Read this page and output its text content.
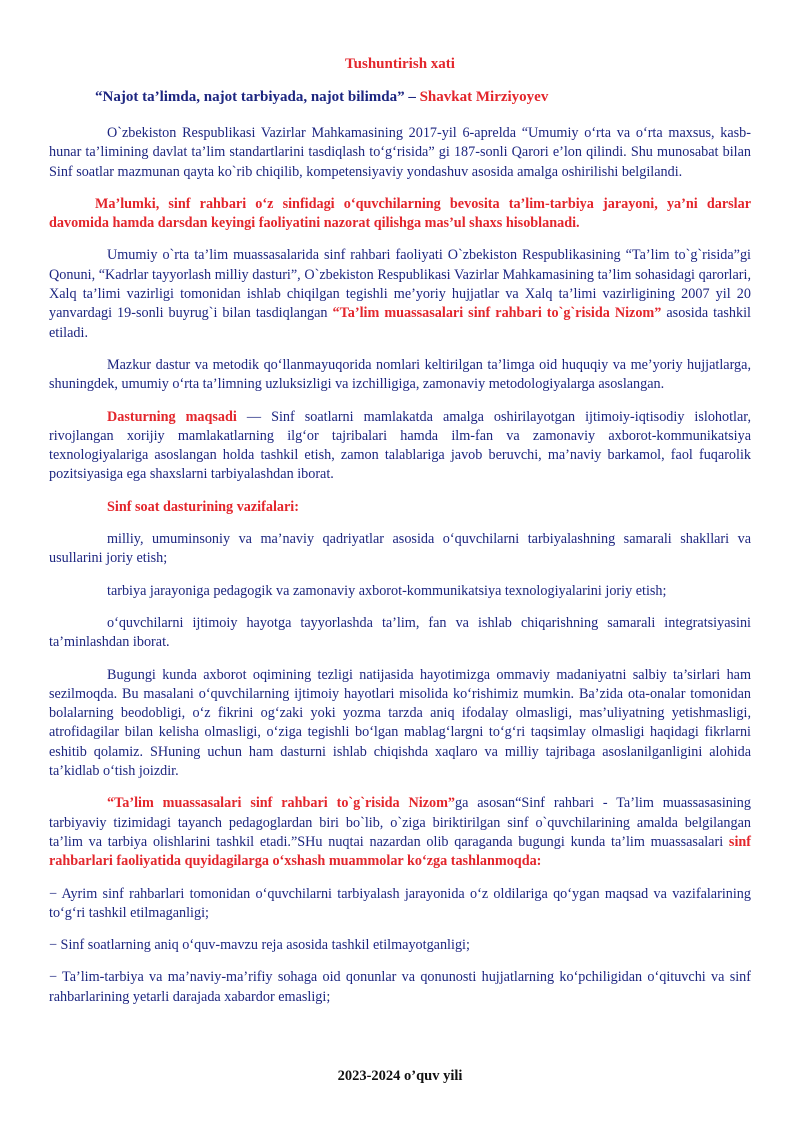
Tushuntirish xati
“Najot ta’limda, najot tarbiyada, najot bilimda” – Shavkat Mirziyoyev

O`zbekiston Respublikasi Vazirlar Mahkamasining 2017-yil 6-aprelda “Umumiy o‘rta va o‘rta maxsus, kasb-hunar ta’limining davlat ta’lim standartlarini tasdiqlash to‘g‘risida” gi 187-sonli Qarori e’lon qilindi. Shu munosabat bilan Sinf soatlar mazmunan qayta ko`rib chiqilib, kompetensiyaviy yondashuv asosida amalga oshirilishi belgilandi.

Ma’lumki, sinf rahbari o‘z sinfidagi o‘quvchilarning bevosita ta’lim-tarbiya jarayoni, ya’ni darslar davomida hamda darsdan keyingi faoliyatini nazorat qilishga mas’ul shaxs hisoblanadi.

Umumiy o`rta ta’lim muassasalarida sinf rahbari faoliyati O`zbekiston Respublikasining “Ta’lim to`g`risida”gi Qonuni, “Kadrlar tayyorlash milliy dasturi”, O`zbekiston Respublikasi Vazirlar Mahkamasining ta’lim sohasidagi qarorlari, Xalq ta’limi vazirligi tomonidan ishlab chiqilgan tegishli me’yoriy hujjatlar va Xalq ta’limi vazirligining 2007 yil 20 yanvardagi 19-sonli buyrug`i bilan tasdiqlangan “Ta’lim muassasalari sinf rahbari to`g`risida Nizom” asosida tashkil etiladi.

Mazkur dastur va metodik qo‘llanmayuqorida nomlari keltirilgan ta’limga oid huquqiy va me’yoriy hujjatlarga, shuningdek, umumiy o‘rta ta’limning uzluksizligi va izchilligiga, zamonaviy metodologiyalarga asoslangan.

Dasturning maqsadi — Sinf soatlarni mamlakatda amalga oshirilayotgan ijtimoiy-iqtisodiy islohotlar, rivojlangan xorijiy mamlakatlarning ilg‘or tajribalari hamda ilm-fan va zamonaviy axborot-kommunikatsiya texnologiyalariga asoslangan holda tashkil etish, zamon talablariga javob beruvchi, ma’naviy barkamol, faol fuqarolik pozitsiyasiga ega shaxslarni tarbiyalashdan iborat.

Sinf soat dasturining vazifalari:

milliy, umuminsoniy va ma’naviy qadriyatlar asosida o‘quvchilarni tarbiyalashning samarali shakllari va usullarini joriy etish;

tarbiya jarayoniga pedagogik va zamonaviy axborot-kommunikatsiya texnologiyalarini joriy etish;

o‘quvchilarni ijtimoiy hayotga tayyorlashda ta’lim, fan va ishlab chiqarishning samarali integratsiyasini ta’minlashdan iborat.

Bugungi kunda axborot oqimining tezligi natijasida hayotimizga ommaviy madaniyatni salbiy ta’sirlari ham sezilmoqda. Bu masalani o‘quvchilarning ijtimoiy hayotlari misolida ko‘rishimiz mumkin. Ba’zida ota-onalar tomonidan bolalarning beodobligi, o‘z fikrini og‘zaki yoki yozma tarzda aniq ifodalay olmasligi, mas’uliyatning yetishmasligi, atrofidagilar bilan kelisha olmasligi, o‘ziga tegishli bo‘lgan mablag‘largni to‘g‘ri taqsimlay olmasligi haqidagi fikrlarni eshitib qolamiz. SHuning uchun ham dasturni ishlab chiqishda xaqlaro va milliy tajribaga asoslanilganligini alohida ta’kidlab o‘tish joizdir.

“Ta’lim muassasalari sinf rahbari to`g`risida Nizom”ga asosan“Sinf rahbari - Ta’lim muassasasining tarbiyaviy tizimidagi tayanch pedagoglardan biri bo`lib, o`ziga biriktirilgan sinf o`quvchilarining amalda belgilangan ta’lim va tarbiya olishlarini tashkil etadi.”SHu nuqtai nazardan olib qaraganda bugungi kunda ta’lim muassasalari sinf rahbarlari faoliyatida quyidagilarga o‘xshash muammolar ko‘zga tashlanmoqda:

− Ayrim sinf rahbarlari tomonidan o‘quvchilarni tarbiyalash jarayonida o‘z oldilariga qo‘ygan maqsad va vazifalarining to‘g‘ri tashkil etilmaganligi;

− Sinf soatlarning aniq o‘quv-mavzu reja asosida tashkil etilmayotganligi;

− Ta’lim-tarbiya va ma’naviy-ma’rifiy sohaga oid qonunlar va qonunosti hujjatlarning ko‘pchiligidan o‘qituvchi va sinf rahbarlarining yetarli darajada xabardor emasligi;

2023-2024 o’quv yili
